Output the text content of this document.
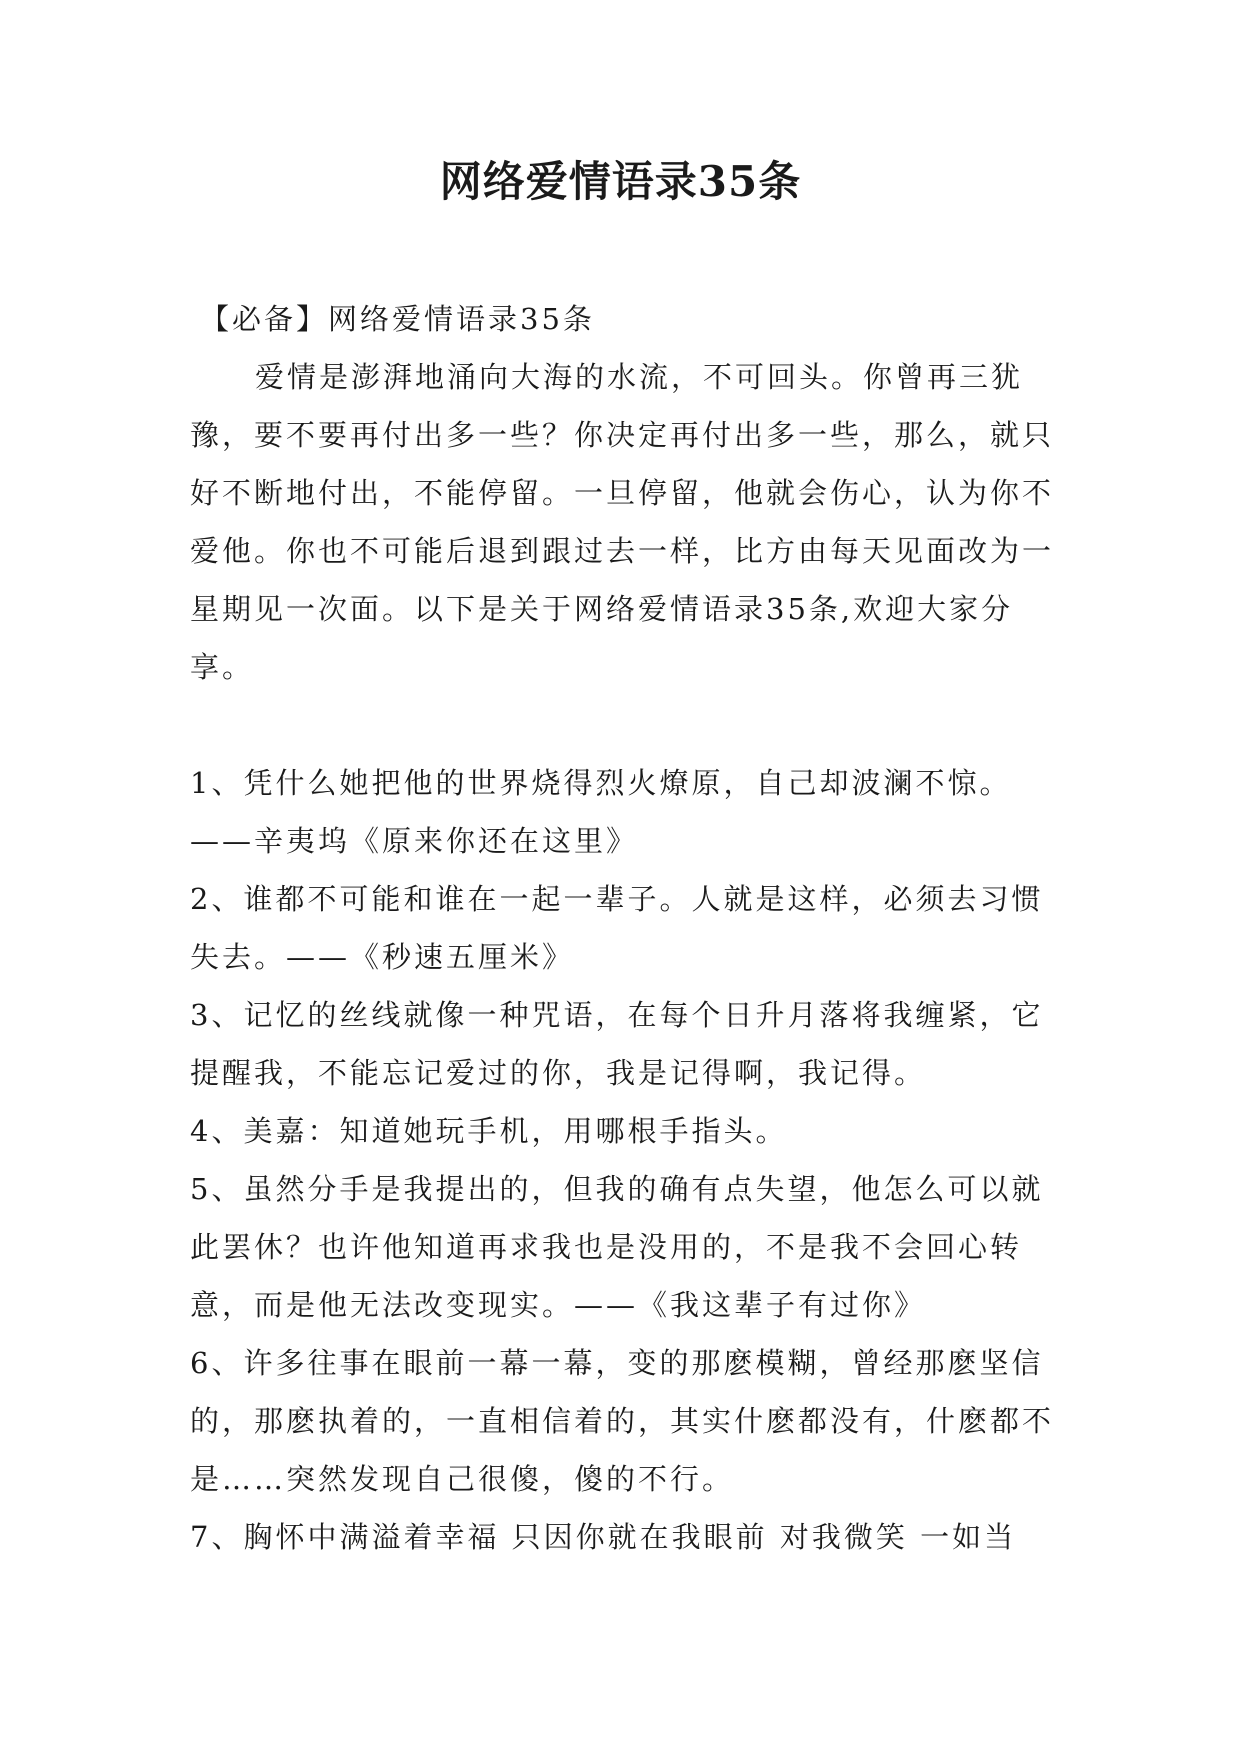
网络爱情语录35条

【必备】网络爱情语录35条

爱情是澎湃地涌向大海的水流，不可回头。你曾再三犹豫，要不要再付出多一些？你决定再付出多一些，那么，就只好不断地付出，不能停留。一旦停留，他就会伤心，认为你不爱他。你也不可能后退到跟过去一样，比方由每天见面改为一星期见一次面。以下是关于网络爱情语录35条,欢迎大家分享。

1、凭什么她把他的世界烧得烈火燎原，自己却波澜不惊。——辛夷坞《原来你还在这里》

2、谁都不可能和谁在一起一辈子。人就是这样，必须去习惯失去。——《秒速五厘米》

3、记忆的丝线就像一种咒语，在每个日升月落将我缠紧，它提醒我，不能忘记爱过的你，我是记得啊，我记得。

4、美嘉：知道她玩手机，用哪根手指头。

5、虽然分手是我提出的，但我的确有点失望，他怎么可以就此罢休？也许他知道再求我也是没用的，不是我不会回心转意，而是他无法改变现实。——《我这辈子有过你》

6、许多往事在眼前一幕一幕，变的那麽模糊，曾经那麽坚信的，那麽执着的，一直相信着的，其实什麽都没有，什麽都不是……突然发现自己很傻，傻的不行。

7、胸怀中满溢着幸福 只因你就在我眼前 对我微笑 一如当
